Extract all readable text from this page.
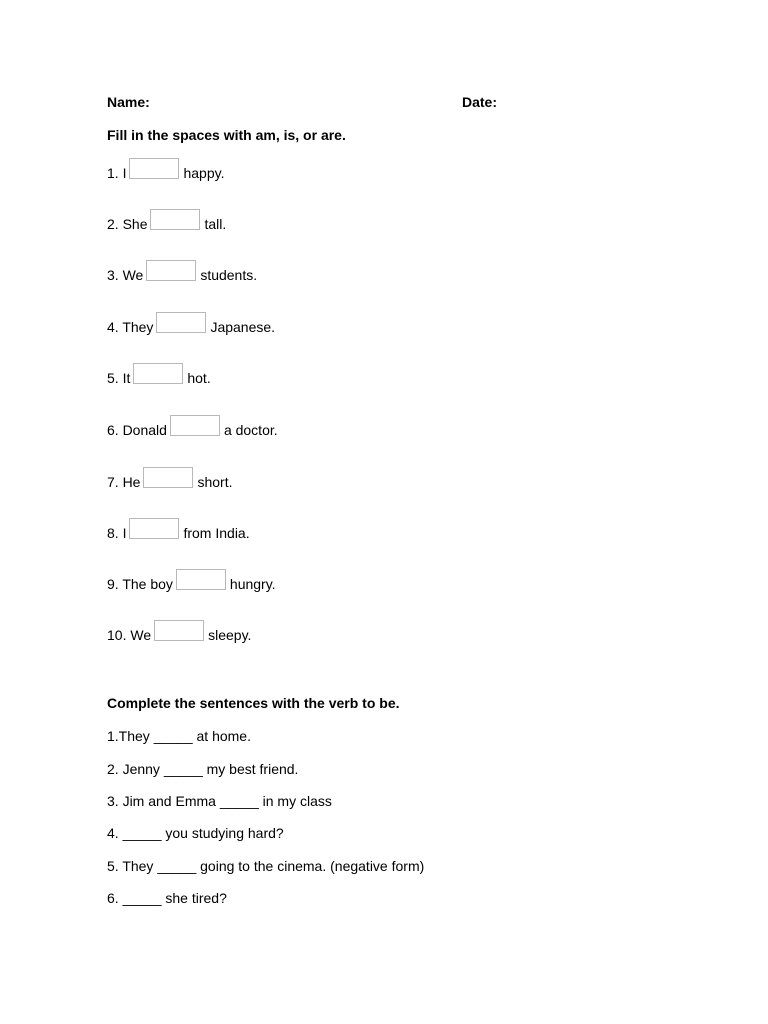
Name:	Date:
Fill in the spaces with am, is, or are.
1. I	happy.
2. She	tall.
3. We	students.
4. They	Japanese.
5. It	hot.
6. Donald	a doctor.
7. He	short.
8. I	from India.
9. The boy	hungry.
10. We	sleepy.
Complete the sentences with the verb to be.
1.They _____ at home.
2. Jenny _____ my best friend.
3. Jim and Emma _____ in my class
4. _____ you studying hard?
5. They _____ going to the cinema. (negative form)
6. _____ she tired?
